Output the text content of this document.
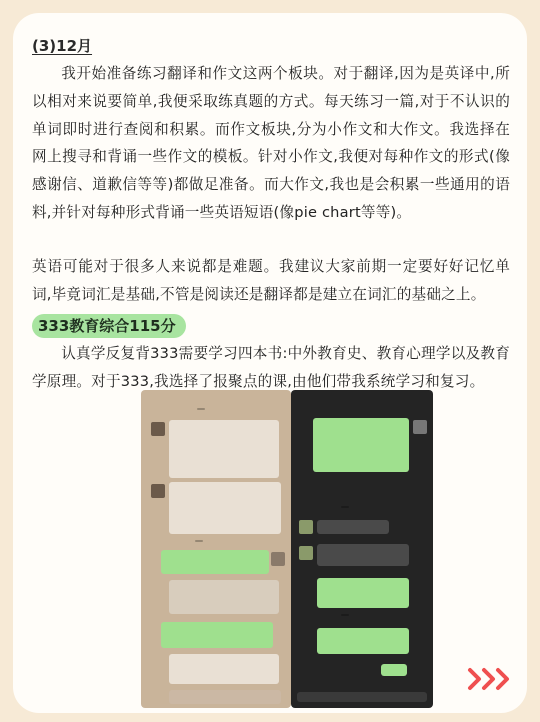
(3)12月

我开始准备练习翻译和作文这两个板块。对于翻译,因为是英译中,所以相对来说要简单,我便采取练真题的方式。每天练习一篇,对于不认识的单词即时进行查阅和积累。而作文板块,分为小作文和大作文。我选择在网上搜寻和背诵一些作文的模板。针对小作文,我便对每种作文的形式(像感谢信、道歉信等等)都做足准备。而大作文,我也是会积累一些通用的语料,并针对每种形式背诵一些英语短语(像pie chart等等)。

英语可能对于很多人来说都是难题。我建议大家前期一定要好好记忆单词,毕竟词汇是基础,不管是阅读还是翻译都是建立在词汇的基础之上。

333教育综合115分

认真学反复背333需要学习四本书:中外教育史、教育心理学以及教育学原理。对于333,我选择了报聚点的课,由他们带我系统学习和复习。
